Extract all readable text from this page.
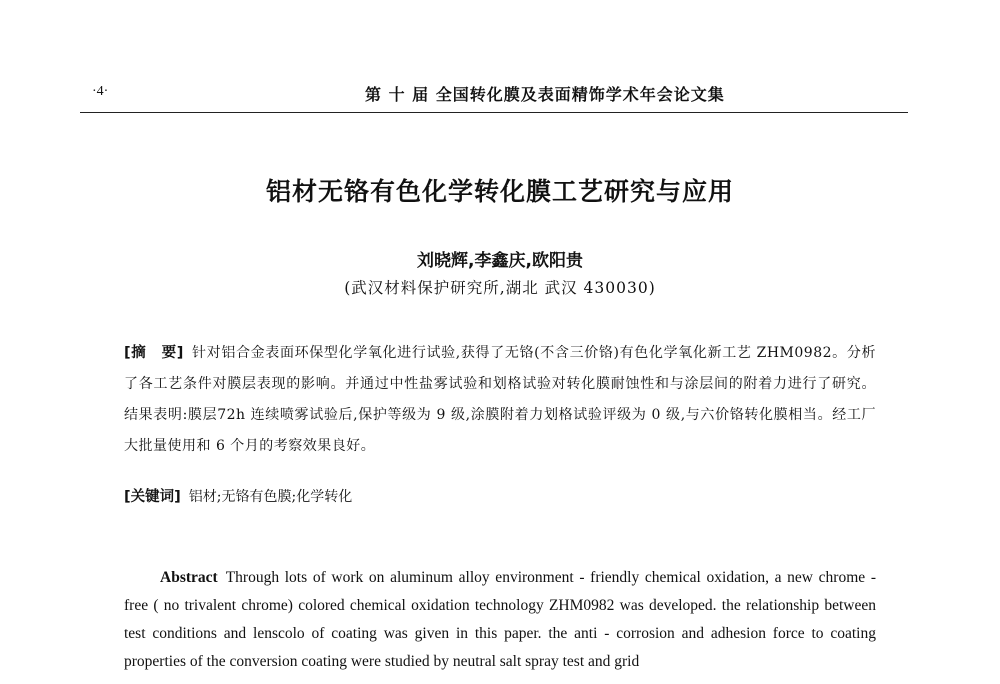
·4·	第 十 届 全国转化膜及表面精饰学术年会论文集
铝材无铬有色化学转化膜工艺研究与应用
刘晓辉,李鑫庆,欧阳贵
(武汉材料保护研究所,湖北 武汉 430030)

[摘　要] 针对铝合金表面环保型化学氧化进行试验,获得了无铬(不含三价铬)有色化学氧化新工艺 ZHM0982。分析了各工艺条件对膜层表现的影响。并通过中性盐雾试验和划格试验对转化膜耐蚀性和与涂层间的附着力进行了研究。结果表明:膜层72h 连续喷雾试验后,保护等级为 9 级,涂膜附着力划格试验评级为 0 级,与六价铬转化膜相当。经工厂大批量使用和 6 个月的考察效果良好。

[关键词] 铝材;无铬有色膜;化学转化

Abstract Through lots of work on aluminum alloy environment - friendly chemical oxidation, a new chrome - free ( no trivalent chrome) colored chemical oxidation technology ZHM0982 was developed. the relationship between test conditions and lenscolo of coating was given in this paper. the anti - corrosion and adhesion force to coating properties of the conversion coating were studied by neutral salt spray test and grid
